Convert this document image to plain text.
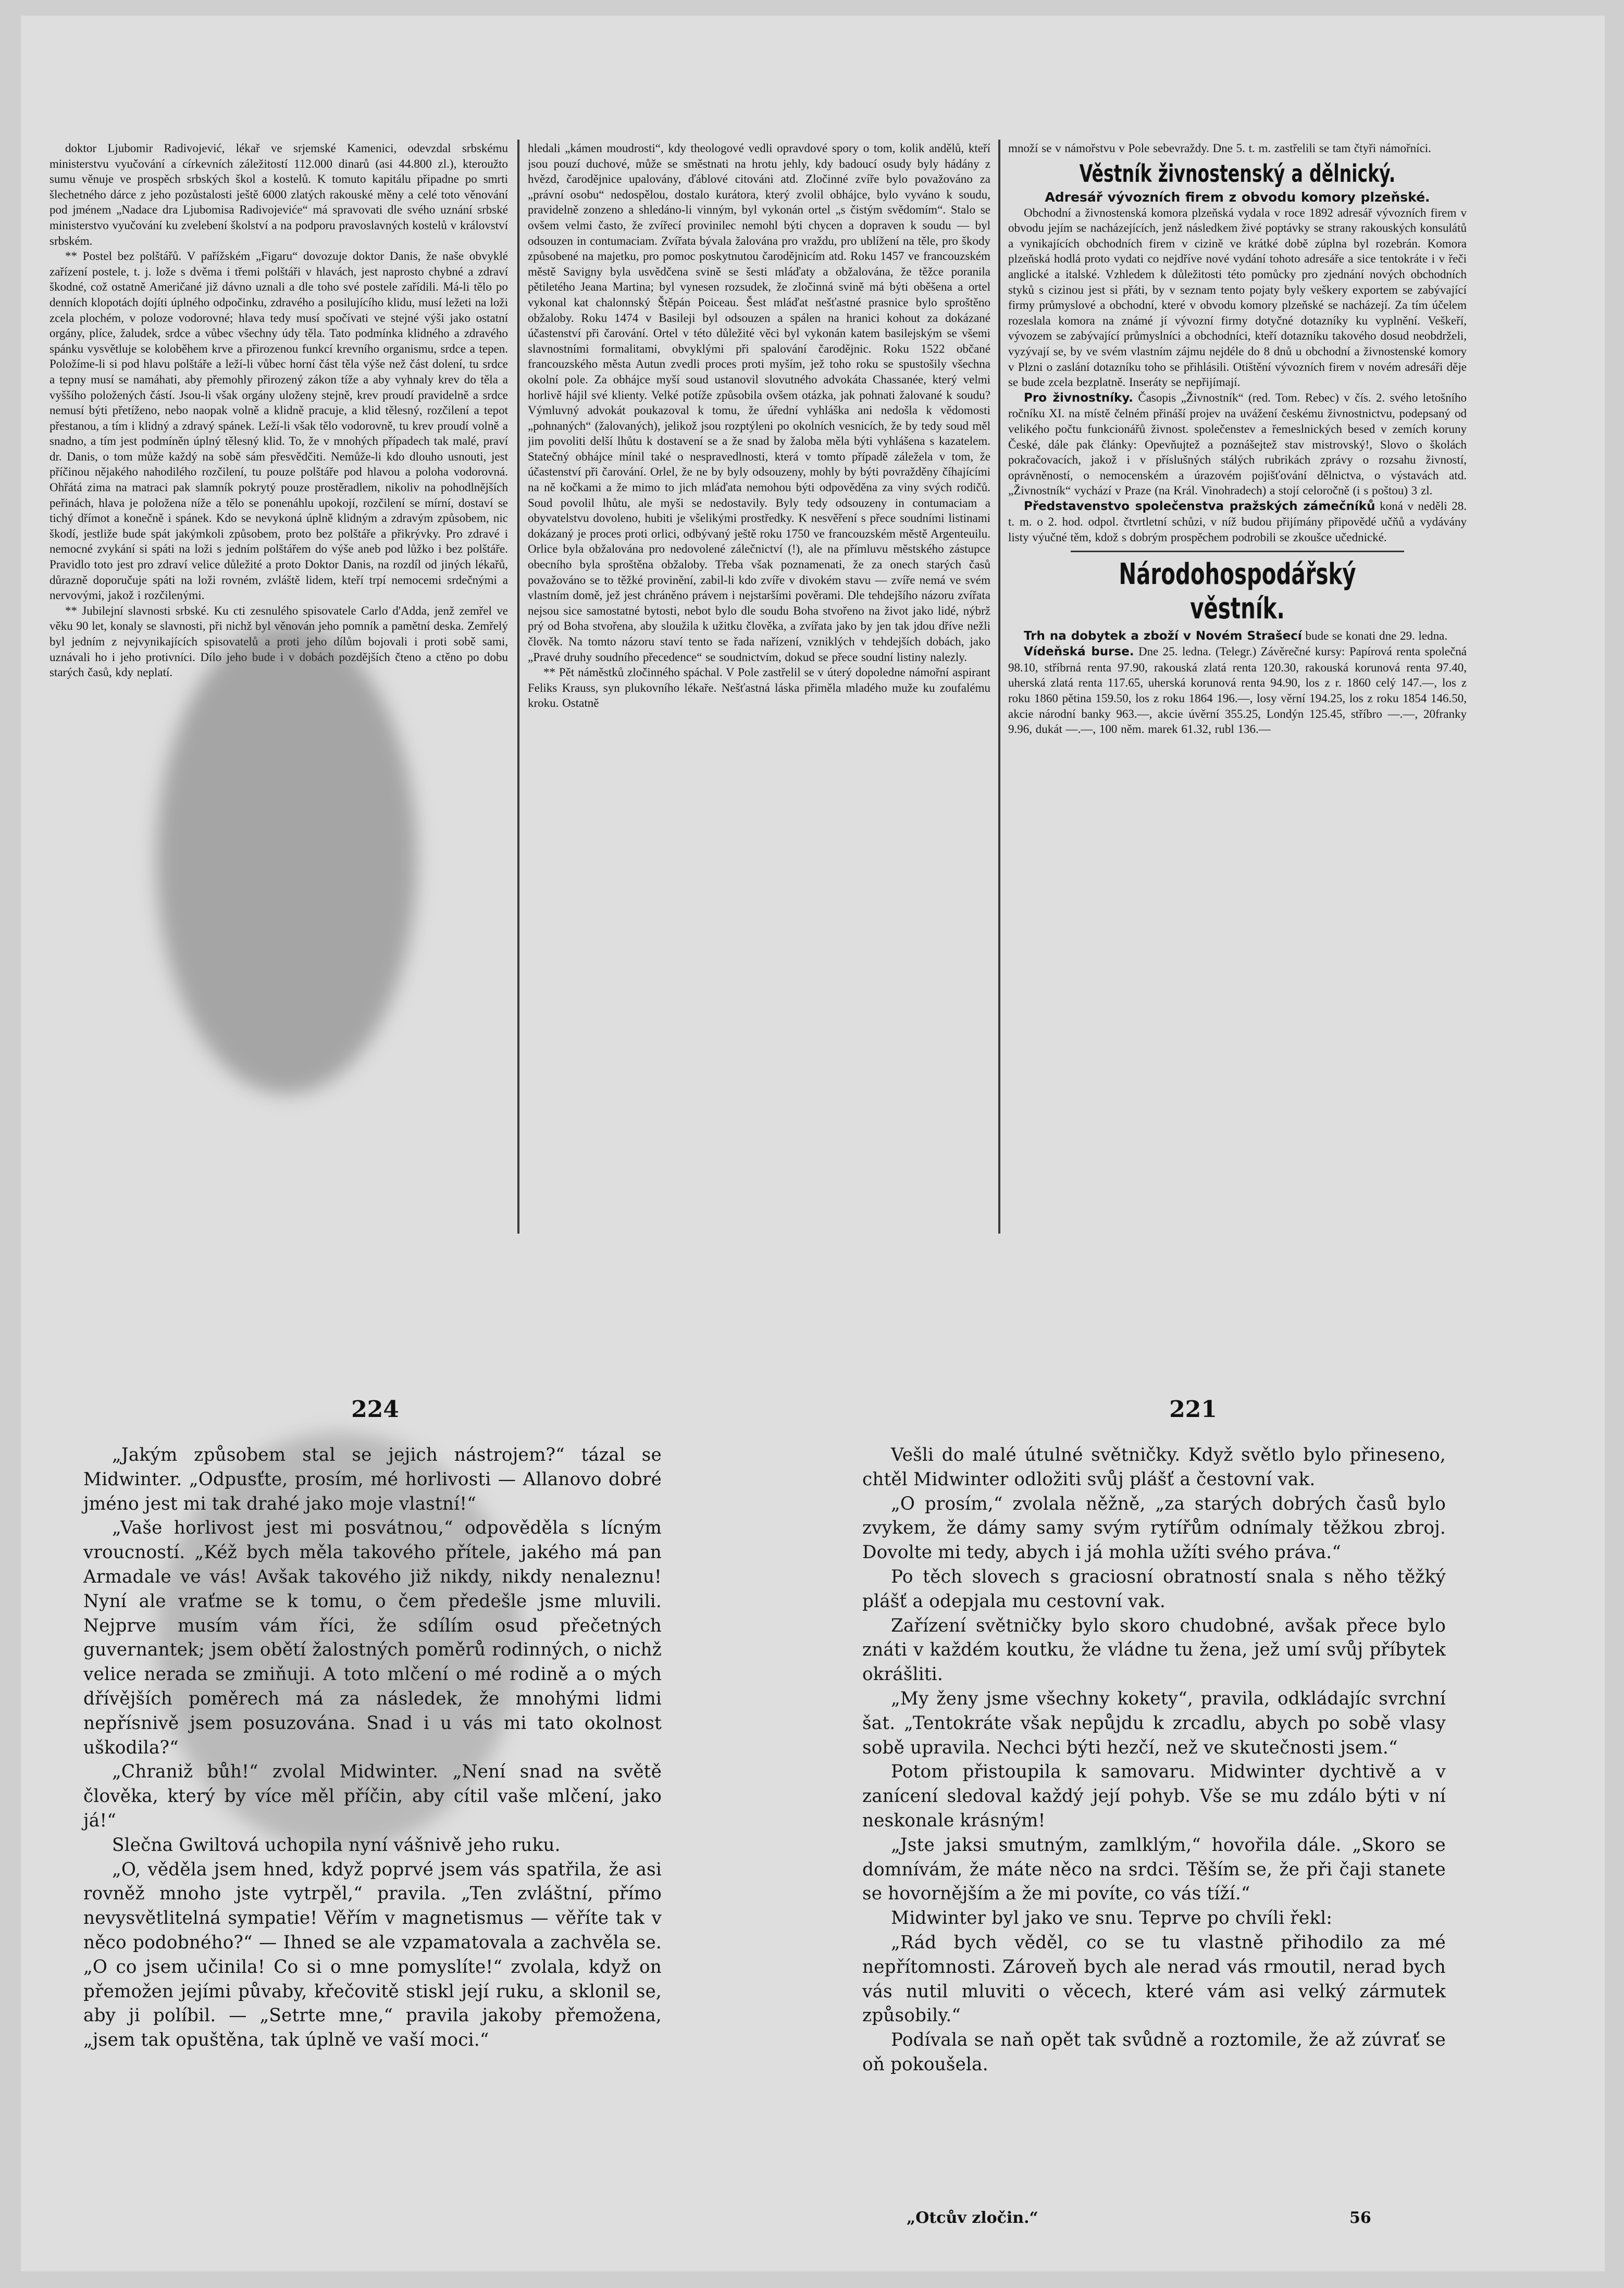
doktor Ljubomir Radivojević, lékař ve srjemské Kamenici, odevzdal srbskému ministerstvu vyučování a církevních záležitostí 112.000 dinarů (asi 44.800 zl.), kteroužto sumu věnuje ve prospěch srbských škol a kostelů. K tomuto kapitálu připadne po smrti šlechetného dárce z jeho pozůstalosti ještě 6000 zlatých rakouské měny a celé toto věnování pod jménem „Nadace dra Ljubomisa Radivojeviće“ má spravovati dle svého uznání srbské ministerstvo vyučování ku zvelebení školství a na podporu pravoslavných kostelů v království srbském.

** Postel bez polštářů. V pařížském „Figaru“ dovozuje doktor Danis, že naše obvyklé zařízení postele, t. j. lože s dvěma i třemi polštáři v hlavách, jest naprosto chybné a zdraví škodné, což ostatně Američané již dávno uznali a dle toho své postele zařídili. Má-li tělo po denních klopotách dojíti úplného odpočinku, zdravého a posilujícího klidu, musí ležeti na loži zcela plochém, v poloze vodorovné; hlava tedy musí spočívati ve stejné výši jako ostatní orgány, plíce, žaludek, srdce a vůbec všechny údy těla. Tato podmínka klidného a zdravého spánku vysvětluje se koloběhem krve a přirozenou funkcí krevního organismu, srdce a tepen. Položíme-li si pod hlavu polštáře a leží-li vůbec horní část těla výše než část dolení, tu srdce a tepny musí se namáhati, aby přemohly přirozený zákon tíže a aby vyhnaly krev do těla a vyššího položených částí. Jsou-li však orgány uloženy stejně, krev proudí pravidelně a srdce nemusí býti přetíženo, nebo naopak volně a klidně pracuje, a klid tělesný, rozčilení a tepot přestanou, a tím i klidný a zdravý spánek. Leží-li však tělo vodorovně, tu krev proudí volně a snadno, a tím jest podmíněn úplný tělesný klid. To, že v mnohých případech tak malé, praví dr. Danis, o tom může každý na sobě sám přesvědčiti. Nemůže-li kdo dlouho usnouti, jest příčinou nějakého nahodilého rozčilení, tu pouze polštáře pod hlavou a poloha vodorovná. Ohřátá zima na matraci pak slamník pokrytý pouze prostěradlem, nikoliv na pohodlnějších peřinách, hlava je položena níže a tělo se ponenáhlu upokojí, rozčilení se mírní, dostaví se tichý dřímot a konečně i spánek. Kdo se nevykoná úplně klidným a zdravým způsobem, nic škodí, jestliže bude spát jakýmkoli způsobem, proto bez polštáře a přikrývky. Pro zdravé i nemocné zvykání si spáti na loži s jedním polštářem do výše aneb pod lůžko i bez polštáře. Pravidlo toto jest pro zdraví velice důležité a proto Doktor Danis, na rozdíl od jiných lékařů, důrazně doporučuje spáti na loži rovném, zvláště lidem, kteří trpí nemocemi srdečnými a nervovými, jakož i rozčilenými.

** Jubilejní slavnosti srbské. Ku cti zesnulého spisovatele Carlo d'Adda, jenž zemřel ve věku 90 let, konaly se slavnosti, při nichž byl věnován jeho pomník a pamětní deska. Zemřelý byl jedním z nejvynikajících spisovatelů a proti jeho dílům bojovali i proti sobě sami, uznávali ho i jeho protivníci. Dílo jeho bude i v dobách pozdějších čteno a ctěno po dobu starých časů, kdy neplatí.

hledali „kámen moudrosti“, kdy theologové vedli opravdové spory o tom, kolik andělů, kteří jsou pouzí duchové, může se směstnati na hrotu jehly, kdy badoucí osudy byly hádány z hvězd, čarodějnice upalovány, ďáblové citováni atd. Zločinné zvíře bylo považováno za „právní osobu“ nedospělou, dostalo kurátora, který zvolil obhájce, bylo vyváno k soudu, pravidelně zonzeno a shledáno-li vinným, byl vykonán ortel „s čistým svědomím“. Stalo se ovšem velmi často, že zvířecí provinilec nemohl býti chycen a dopraven k soudu — byl odsouzen in contumaciam. Zvířata bývala žalována pro vraždu, pro ublížení na těle, pro škody způsobené na majetku, pro pomoc poskytnutou čarodějnicím atd. Roku 1457 ve francouzském městě Savigny byla usvědčena svině se šesti mláďaty a obžalována, že těžce poranila pětiletého Jeana Martina; byl vynesen rozsudek, že zločinná svině má býti oběšena a ortel vykonal kat chalonnský Štěpán Poiceau. Šest mláďat nešťastné prasnice bylo sproštěno obžaloby. Roku 1474 v Basileji byl odsouzen a spálen na hranici kohout za dokázané účastenství při čarování. Ortel v této důležité věci byl vykonán katem basilejským se všemi slavnostními formalitami, obvyklými při spalování čarodějnic. Roku 1522 občané francouzského města Autun zvedli proces proti myším, jež toho roku se spustošily všechna okolní pole. Za obhájce myší soud ustanovil slovutného advokáta Chassanée, který velmi horlivě hájil své klienty. Velké potíže způsobila ovšem otázka, jak pohnati žalované k soudu? Výmluvný advokát poukazoval k tomu, že úřední vyhláška ani nedošla k vědomosti „pohnaných“ (žalovaných), jelikož jsou rozptýleni po okolních vesnicích, že by tedy soud měl jim povoliti delší lhůtu k dostavení se a že snad by žaloba měla býti vyhlášena s kazatelem. Statečný obhájce mínil také o nespravedlnosti, která v tomto případě záležela v tom, že účastenství při čarování. Orlel, že ne by byly odsouzeny, mohly by býti povražděny číhajícími na ně kočkami a že mimo to jich mláďata nemohou býti odpověděna za viny svých rodičů. Soud povolil lhůtu, ale myši se nedostavily. Byly tedy odsouzeny in contumaciam a obyvatelstvu dovoleno, hubiti je všelikými prostředky. K nesvěření s přece soudními listinami dokázaný je proces proti orlici, odbývaný ještě roku 1750 ve francouzském městě Argenteuilu. Orlice byla obžalována pro nedovolené zálečnictví (!), ale na přímluvu městského zástupce obecního byla sproštěna obžaloby. Třeba však poznamenati, že za onech starých časů považováno se to těžké provinění, zabil-li kdo zvíře v divokém stavu — zvíře nemá ve svém vlastním domě, jež jest chráněno právem i nejstaršími pověrami. Dle tehdejšího názoru zvířata nejsou sice samostatné bytosti, nebot bylo dle soudu Boha stvořeno na život jako lidé, nýbrž prý od Boha stvořena, aby sloužila k užitku člověka, a zvířata jako by jen tak jdou dříve nežli člověk. Na tomto názoru staví tento se řada nařízení, vzniklých v tehdejších dobách, jako „Pravé druhy soudního přecedence“ se soudnictvím, dokud se přece soudní listiny nalezly.

** Pět náměstků zločinného spáchal. V Pole zastřelil se v úterý dopoledne námořní aspirant Feliks Krauss, syn plukovního lékaře. Nešťastná láska přiměla mladého muže ku zoufalému kroku. Ostatně

množí se v námořstvu v Pole sebevraždy. Dne 5. t. m. zastřelili se tam čtyři námořníci.

Věstník živnostenský a dělnický.
Adresář vývozních firem z obvodu komory plzeňské.

Obchodní a živnostenská komora plzeňská vydala v roce 1892 adresář vývozních firem v obvodu jejím se nacházejících, jenž následkem živé poptávky se strany rakouských konsulátů a vynikajících obchodních firem v cizině ve krátké době zúplna byl rozebrán. Komora plzeňská hodlá proto vydati co nejdříve nové vydání tohoto adresáře a sice tentokráte i v řeči anglické a italské. Vzhledem k důležitosti této pomůcky pro zjednání nových obchodních styků s cizinou jest si přáti, by v seznam tento pojaty byly veškery exportem se zabývající firmy průmyslové a obchodní, které v obvodu komory plzeňské se nacházejí. Za tím účelem rozeslala komora na známé jí vývozní firmy dotyčné dotazníky ku vyplnění. Veškeří, vývozem se zabývající průmyslníci a obchodníci, kteří dotazníku takového dosud neobdrželi, vyzývají se, by ve svém vlastním zájmu nejdéle do 8 dnů u obchodní a živnostenské komory v Plzni o zaslání dotazníku toho se přihlásili. Otištění vývozních firem v novém adresáři děje se bude zcela bezplatně. Inseráty se nepřijímají.

Pro živnostníky. Časopis „Živnostník“ (red. Tom. Rebec) v čís. 2. svého letošního ročníku XI. na místě čelném přináší projev na uvážení českému živnostnictvu, podepsaný od velikého počtu funkcionářů živnost. společenstev a řemeslnických besed v zemích koruny České, dále pak články: Opevňujtež a poznášejtež stav mistrovský!, Slovo o školách pokračovacích, jakož i v příslušných stálých rubrikách zprávy o rozsahu živností, oprávněností, o nemocenském a úrazovém pojišťování dělnictva, o výstavách atd. „Živnostník“ vychází v Praze (na Král. Vinohradech) a stojí celoročně (i s poštou) 3 zl.

Představenstvo společenstva pražských zámečníků koná v neděli 28. t. m. o 2. hod. odpol. čtvrtletní schůzi, v níž budou přijímány připovědé učňů a vydávány listy výučné těm, kdož s dobrým prospěchem podrobili se zkoušce učednické.

Národohospodářský věstník.

Trh na dobytek a zboží v Novém Strašecí bude se konati dne 29. ledna.

Vídeňská burse. Dne 25. ledna. (Telegr.) Závěrečné kursy: Papírová renta společná 98.10, stříbrná renta 97.90, rakouská zlatá renta 120.30, rakouská korunová renta 97.40, uherská zlatá renta 117.65, uherská korunová renta 94.90, los z r. 1860 celý 147.—, los z roku 1860 pětina 159.50, los z roku 1864 196.—, losy věrní 194.25, los z roku 1854 146.50, akcie národní banky 963.—, akcie úvěrní 355.25, Londýn 125.45, stříbro —.—, 20franky 9.96, dukát —.—, 100 něm. marek 61.32, rubl 136.—

224	221

„Jakým způsobem stal se jejich nástrojem?“ tázal se Midwinter. „Odpusťte, prosím, mé horlivosti — Allanovo dobré jméno jest mi tak drahé jako moje vlastní!“

„Vaše horlivost jest mi posvátnou,“ odpověděla s lícným vroucností. „Kéž bych měla takového přítele, jakého má pan Armadale ve vás! Avšak takového již nikdy, nikdy nenaleznu! Nyní ale vraťme se k tomu, o čem předešle jsme mluvili. Nejprve musím vám říci, že sdílím osud přečetných guvernantek; jsem obětí žalostných poměrů rodinných, o nichž velice nerada se zmiňuji. A toto mlčení o mé rodině a o mých dřívějších poměrech má za následek, že mnohými lidmi nepřísnivě jsem posuzována. Snad i u vás mi tato okolnost uškodila?“

„Chraniž bůh!“ zvolal Midwinter. „Není snad na světě člověka, který by více měl příčin, aby cítil vaše mlčení, jako já!“

Slečna Gwiltová uchopila nyní vášnivě jeho ruku.

„O, věděla jsem hned, když poprvé jsem vás spatřila, že asi rovněž mnoho jste vytrpěl,“ pravila. „Ten zvláštní, přímo nevysvětlitelná sympatie! Věřím v magnetismus — věříte tak v něco podobného?“ — Ihned se ale vzpamatovala a zachvěla se. „O co jsem učinila! Co si o mne pomyslíte!“ zvolala, když on přemožen jejími půvaby, křečovitě stiskl její ruku, a sklonil se, aby ji políbil. — „Setrte mne,“ pravila jakoby přemožena, „jsem tak opuštěna, tak úplně ve vaší moci.“

Vešli do malé útulné světničky. Když světlo bylo přineseno, chtěl Midwinter odložiti svůj plášť a čestovní vak.

„O prosím,“ zvolala něžně, „za starých dobrých časů bylo zvykem, že dámy samy svým rytířům odnímaly těžkou zbroj. Dovolte mi tedy, abych i já mohla užíti svého práva.“

Po těch slovech s graciosní obratností snala s něho těžký plášť a odepjala mu cestovní vak.

Zařízení světničky bylo skoro chudobné, avšak přece bylo znáti v každém koutku, že vládne tu žena, jež umí svůj příbytek okrášliti.

„My ženy jsme všechny kokety“, pravila, odkládajíc svrchní šat. „Tentokráte však nepůjdu k zrcadlu, abych po sobě vlasy sobě upravila. Nechci býti hezčí, než ve skutečnosti jsem.“

Potom přistoupila k samovaru. Midwinter dychtivě a v zanícení sledoval každý její pohyb. Vše se mu zdálo býti v ní neskonale krásným!

„Jste jaksi smutným, zamlklým,“ hovořila dále. „Skoro se domnívám, že máte něco na srdci. Těším se, že při čaji stanete se hovornějším a že mi povíte, co vás tíží.“

Midwinter byl jako ve snu. Teprve po chvíli řekl:

„Rád bych věděl, co se tu vlastně přihodilo za mé nepřítomnosti. Zároveň bych ale nerad vás rmoutil, nerad bych vás nutil mluviti o věcech, které vám asi velký zármutek způsobily.“

Podívala se naň opět tak svůdně a roztomile, že až zúvrať se oň pokoušela.

„Otcův zločin.“	56
